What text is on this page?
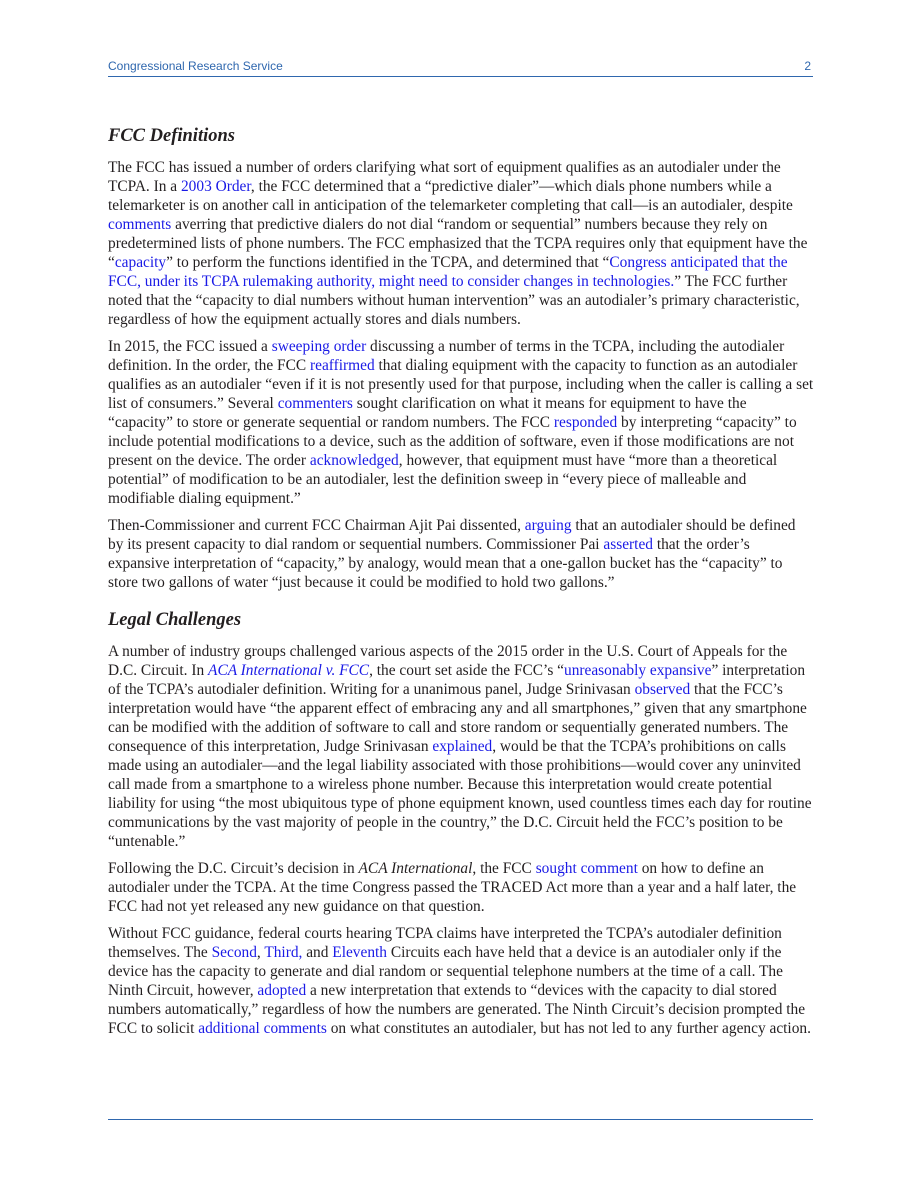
Congressional Research Service	2
FCC Definitions

The FCC has issued a number of orders clarifying what sort of equipment qualifies as an autodialer under the TCPA. In a 2003 Order, the FCC determined that a “predictive dialer”—which dials phone numbers while a telemarketer is on another call in anticipation of the telemarketer completing that call—is an autodialer, despite comments averring that predictive dialers do not dial “random or sequential” numbers because they rely on predetermined lists of phone numbers. The FCC emphasized that the TCPA requires only that equipment have the “capacity” to perform the functions identified in the TCPA, and determined that “Congress anticipated that the FCC, under its TCPA rulemaking authority, might need to consider changes in technologies.” The FCC further noted that the “capacity to dial numbers without human intervention” was an autodialer’s primary characteristic, regardless of how the equipment actually stores and dials numbers.

In 2015, the FCC issued a sweeping order discussing a number of terms in the TCPA, including the autodialer definition. In the order, the FCC reaffirmed that dialing equipment with the capacity to function as an autodialer qualifies as an autodialer “even if it is not presently used for that purpose, including when the caller is calling a set list of consumers.” Several commenters sought clarification on what it means for equipment to have the “capacity” to store or generate sequential or random numbers. The FCC responded by interpreting “capacity” to include potential modifications to a device, such as the addition of software, even if those modifications are not present on the device. The order acknowledged, however, that equipment must have “more than a theoretical potential” of modification to be an autodialer, lest the definition sweep in “every piece of malleable and modifiable dialing equipment.”

Then-Commissioner and current FCC Chairman Ajit Pai dissented, arguing that an autodialer should be defined by its present capacity to dial random or sequential numbers. Commissioner Pai asserted that the order’s expansive interpretation of “capacity,” by analogy, would mean that a one-gallon bucket has the “capacity” to store two gallons of water “just because it could be modified to hold two gallons.”

Legal Challenges

A number of industry groups challenged various aspects of the 2015 order in the U.S. Court of Appeals for the D.C. Circuit. In ACA International v. FCC, the court set aside the FCC’s “unreasonably expansive” interpretation of the TCPA’s autodialer definition. Writing for a unanimous panel, Judge Srinivasan observed that the FCC’s interpretation would have “the apparent effect of embracing any and all smartphones,” given that any smartphone can be modified with the addition of software to call and store random or sequentially generated numbers. The consequence of this interpretation, Judge Srinivasan explained, would be that the TCPA’s prohibitions on calls made using an autodialer—and the legal liability associated with those prohibitions—would cover any uninvited call made from a smartphone to a wireless phone number. Because this interpretation would create potential liability for using “the most ubiquitous type of phone equipment known, used countless times each day for routine communications by the vast majority of people in the country,” the D.C. Circuit held the FCC’s position to be “untenable.”

Following the D.C. Circuit’s decision in ACA International, the FCC sought comment on how to define an autodialer under the TCPA. At the time Congress passed the TRACED Act more than a year and a half later, the FCC had not yet released any new guidance on that question.

Without FCC guidance, federal courts hearing TCPA claims have interpreted the TCPA’s autodialer definition themselves. The Second, Third, and Eleventh Circuits each have held that a device is an autodialer only if the device has the capacity to generate and dial random or sequential telephone numbers at the time of a call. The Ninth Circuit, however, adopted a new interpretation that extends to “devices with the capacity to dial stored numbers automatically,” regardless of how the numbers are generated. The Ninth Circuit’s decision prompted the FCC to solicit additional comments on what constitutes an autodialer, but has not led to any further agency action.
